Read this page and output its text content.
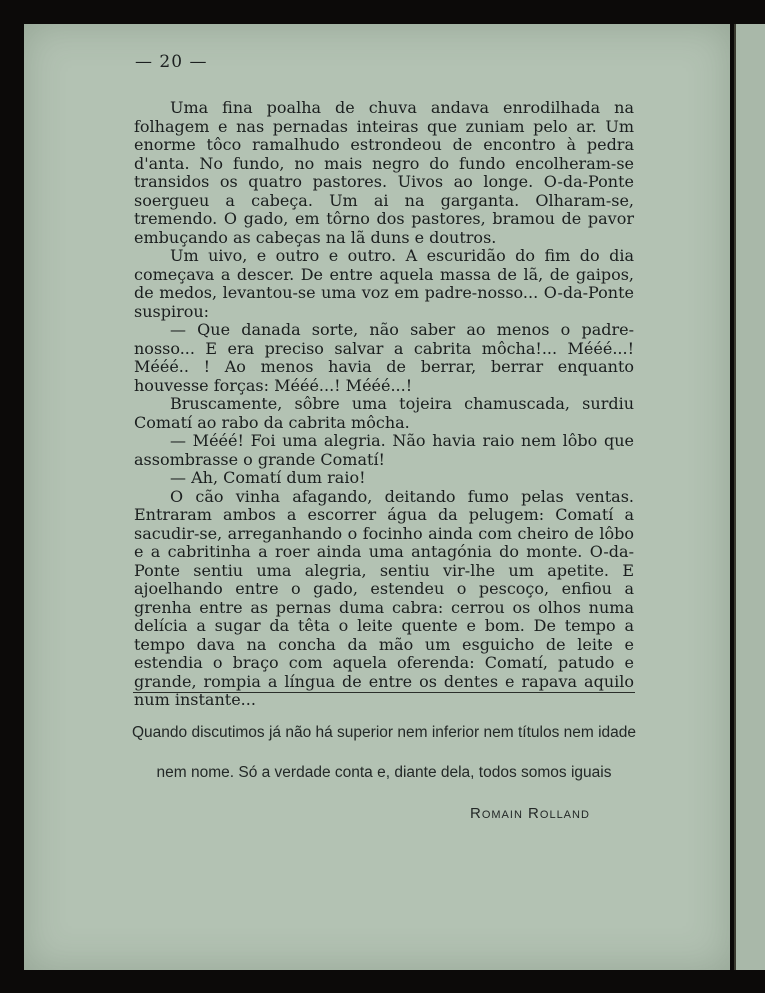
— 20 —

Uma fina poalha de chuva andava enrodilhada na folhagem e nas pernadas inteiras que zuniam pelo ar. Um enorme tôco ramalhudo estrondeou de encontro à pedra d'anta. No fundo, no mais negro do fundo encolheram-se transidos os quatro pastores. Uivos ao longe. O-da-Ponte soergueu a cabeça. Um ai na garganta. Olharam-se, tremendo. O gado, em tôrno dos pastores, bramou de pavor embuçando as cabeças na lã duns e doutros.

Um uivo, e outro e outro. A escuridão do fim do dia começava a descer. De entre aquela massa de lã, de gaipos, de medos, levantou-se uma voz em padre-nosso... O-da-Ponte suspirou:

— Que danada sorte, não saber ao menos o padre-nosso... E era preciso salvar a cabrita môcha!... Mééé...! Mééé.. ! Ao menos havia de berrar, berrar enquanto houvesse forças: Mééé...! Mééé...!

Bruscamente, sôbre uma tojeira chamuscada, surdiu Comatí ao rabo da cabrita môcha.

— Mééé! Foi uma alegria. Não havia raio nem lôbo que assombrasse o grande Comatí!

— Ah, Comatí dum raio!

O cão vinha afagando, deitando fumo pelas ventas. Entraram ambos a escorrer água da pelugem: Comatí a sacudir-se, arreganhando o focinho ainda com cheiro de lôbo e a cabritinha a roer ainda uma antagónia do monte. O-da-Ponte sentiu uma alegria, sentiu vir-lhe um apetite. E ajoelhando entre o gado, estendeu o pescoço, enfiou a grenha entre as pernas duma cabra: cerrou os olhos numa delícia a sugar da têta o leite quente e bom. De tempo a tempo dava na concha da mão um esguicho de leite e estendia o braço com aquela oferenda: Comatí, patudo e grande, rompia a língua de entre os dentes e rapava aquilo num instante...

Quando discutimos já não há superior nem inferior nem títulos nem idade
nem nome. Só a verdade conta e, diante dela, todos somos iguais
Romain Rolland
